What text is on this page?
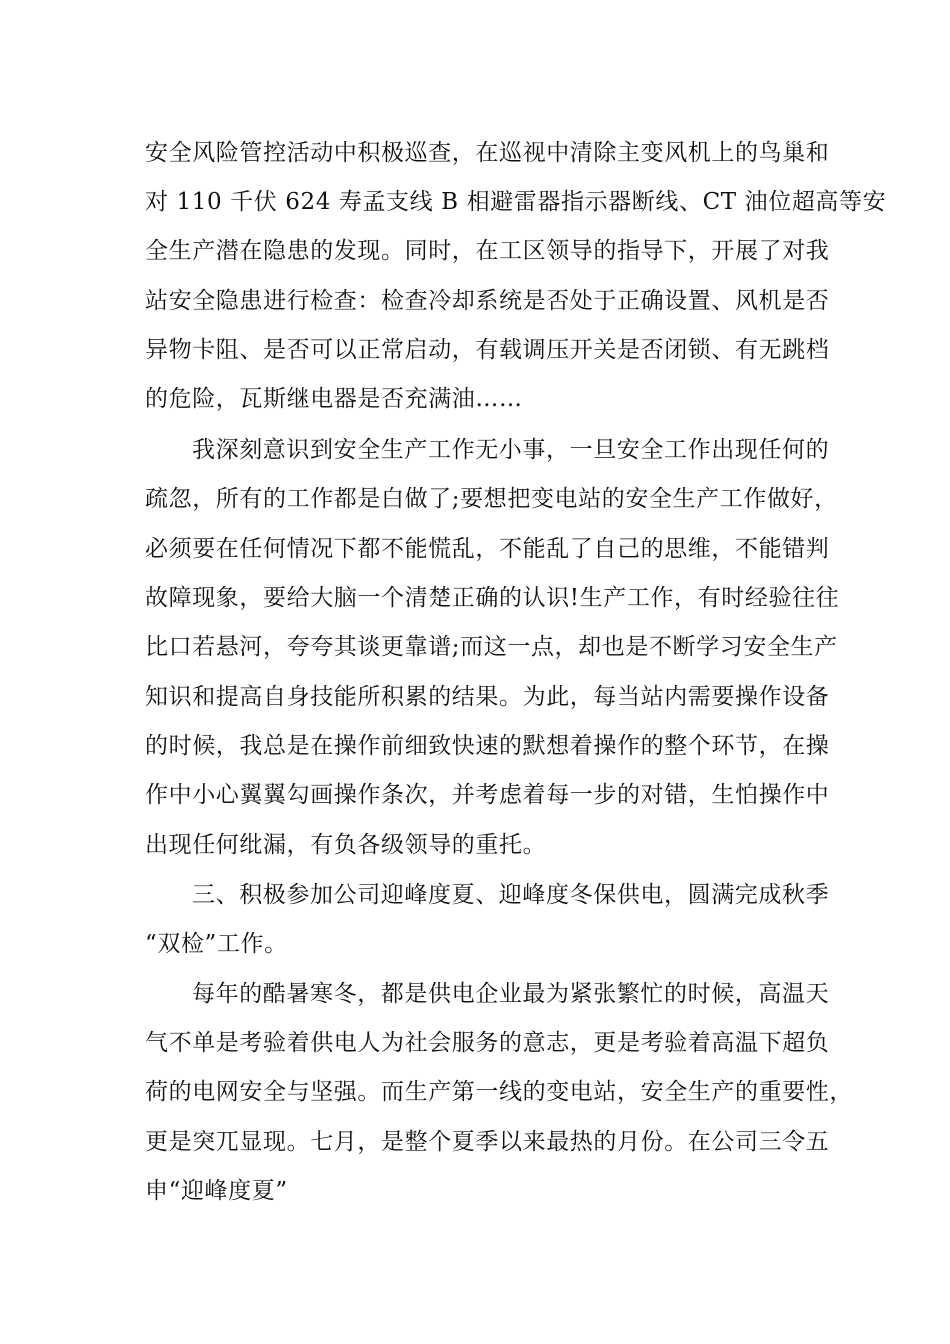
安全风险管控活动中积极巡查，在巡视中清除主变风机上的鸟巢和
对 110 千伏 624 寿孟支线 B 相避雷器指示器断线、CT 油位超高等安
全生产潜在隐患的发现。同时，在工区领导的指导下，开展了对我
站安全隐患进行检查：检查冷却系统是否处于正确设置、风机是否
异物卡阻、是否可以正常启动，有载调压开关是否闭锁、有无跳档
的危险，瓦斯继电器是否充满油……
我深刻意识到安全生产工作无小事，一旦安全工作出现任何的
疏忽，所有的工作都是白做了;要想把变电站的安全生产工作做好，
必须要在任何情况下都不能慌乱，不能乱了自己的思维，不能错判
故障现象，要给大脑一个清楚正确的认识!生产工作，有时经验往往
比口若悬河，夸夸其谈更靠谱;而这一点，却也是不断学习安全生产
知识和提高自身技能所积累的结果。为此，每当站内需要操作设备
的时候，我总是在操作前细致快速的默想着操作的整个环节，在操
作中小心翼翼勾画操作条次，并考虑着每一步的对错，生怕操作中
出现任何纰漏，有负各级领导的重托。
三、积极参加公司迎峰度夏、迎峰度冬保供电，圆满完成秋季
“双检”工作。
每年的酷暑寒冬，都是供电企业最为紧张繁忙的时候，高温天
气不单是考验着供电人为社会服务的意志，更是考验着高温下超负
荷的电网安全与坚强。而生产第一线的变电站，安全生产的重要性，
更是突兀显现。七月，是整个夏季以来最热的月份。在公司三令五
申“迎峰度夏”
